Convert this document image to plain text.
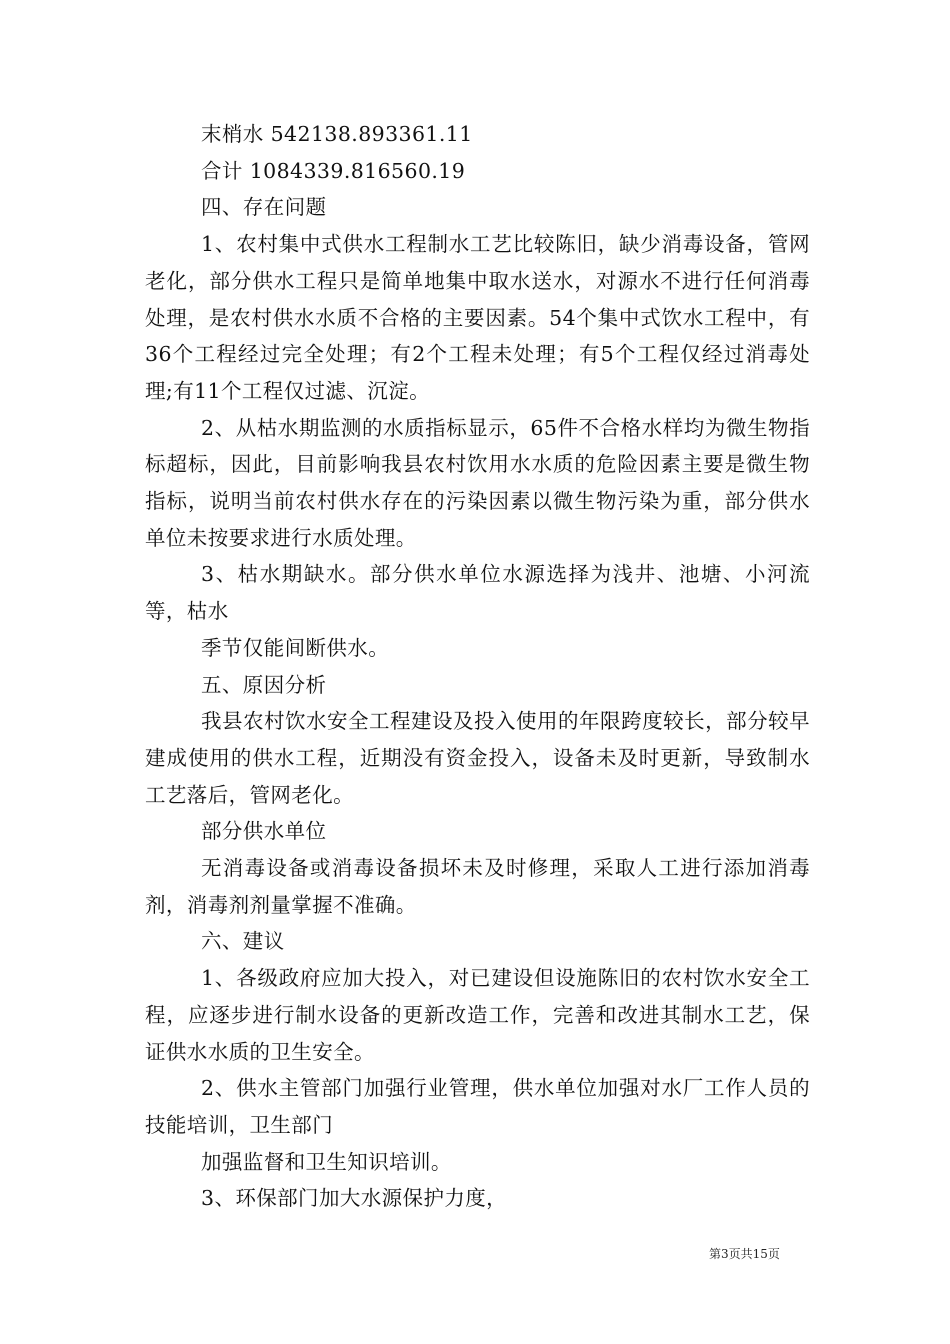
末梢水 542138.893361.11

合计 1084339.816560.19

四、存在问题

1、农村集中式供水工程制水工艺比较陈旧，缺少消毒设备，管网老化，部分供水工程只是简单地集中取水送水，对源水不进行任何消毒处理，是农村供水水质不合格的主要因素。54个集中式饮水工程中，有36个工程经过完全处理；有2个工程未处理；有5个工程仅经过消毒处理;有11个工程仅过滤、沉淀。

2、从枯水期监测的水质指标显示，65件不合格水样均为微生物指标超标，因此，目前影响我县农村饮用水水质的危险因素主要是微生物指标，说明当前农村供水存在的污染因素以微生物污染为重，部分供水单位未按要求进行水质处理。

3、枯水期缺水。部分供水单位水源选择为浅井、池塘、小河流等，枯水

季节仅能间断供水。

五、原因分析

我县农村饮水安全工程建设及投入使用的年限跨度较长，部分较早建成使用的供水工程，近期没有资金投入，设备未及时更新，导致制水工艺落后，管网老化。

部分供水单位

无消毒设备或消毒设备损坏未及时修理，采取人工进行添加消毒剂，消毒剂剂量掌握不准确。

六、建议

1、各级政府应加大投入，对已建设但设施陈旧的农村饮水安全工程，应逐步进行制水设备的更新改造工作，完善和改进其制水工艺，保证供水水质的卫生安全。

2、供水主管部门加强行业管理，供水单位加强对水厂工作人员的技能培训，卫生部门

加强监督和卫生知识培训。

3、环保部门加大水源保护力度，

第3页共15页
